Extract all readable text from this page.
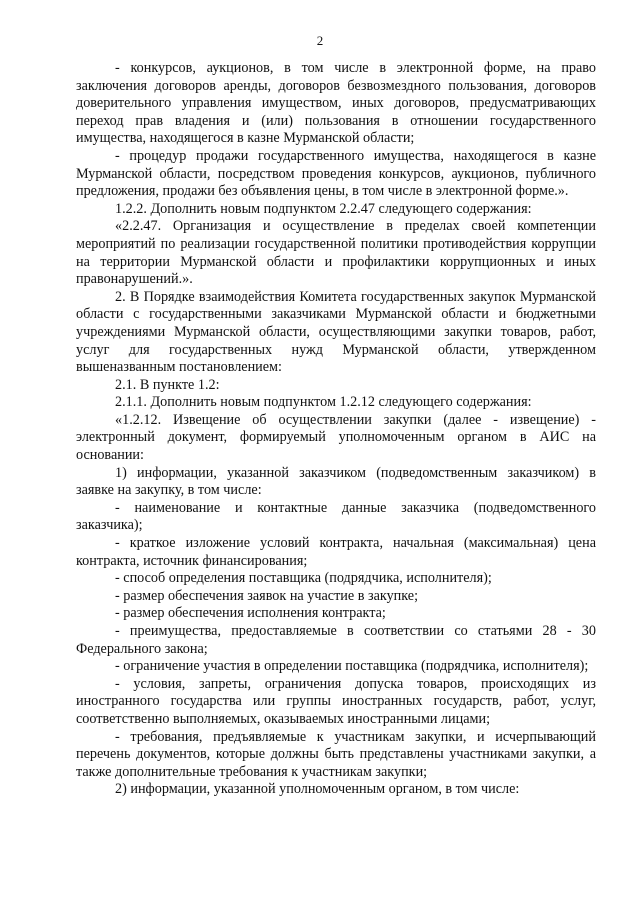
2

- конкурсов, аукционов, в том числе в электронной форме, на право заключения договоров аренды, договоров безвозмездного пользования, договоров доверительного управления имуществом, иных договоров, предусматривающих переход прав владения и (или) пользования в отношении государственного имущества, находящегося в казне Мурманской области;

- процедур продажи государственного имущества, находящегося в казне Мурманской области, посредством проведения конкурсов, аукционов, публичного предложения, продажи без объявления цены, в том числе в электронной форме.».

1.2.2. Дополнить новым подпунктом 2.2.47 следующего содержания:

«2.2.47. Организация и осуществление в пределах своей компетенции мероприятий по реализации государственной политики противодействия коррупции на территории Мурманской области и профилактики коррупционных и иных правонарушений.».

2. В Порядке взаимодействия Комитета государственных закупок Мурманской области с государственными заказчиками Мурманской области и бюджетными учреждениями Мурманской области, осуществляющими закупки товаров, работ, услуг для государственных нужд Мурманской области, утвержденном вышеназванным постановлением:

2.1. В пункте 1.2:

2.1.1. Дополнить новым подпунктом 1.2.12 следующего содержания:

«1.2.12. Извещение об осуществлении закупки (далее - извещение) - электронный документ, формируемый уполномоченным органом в АИС на основании:

1) информации, указанной заказчиком (подведомственным заказчиком) в заявке на закупку, в том числе:

- наименование и контактные данные заказчика (подведомственного заказчика);

- краткое изложение условий контракта, начальная (максимальная) цена контракта, источник финансирования;

- способ определения поставщика (подрядчика, исполнителя);

- размер обеспечения заявок на участие в закупке;

- размер обеспечения исполнения контракта;

- преимущества, предоставляемые в соответствии со статьями 28 - 30 Федерального закона;

- ограничение участия в определении поставщика (подрядчика, исполнителя);

- условия, запреты, ограничения допуска товаров, происходящих из иностранного государства или группы иностранных государств, работ, услуг, соответственно выполняемых, оказываемых иностранными лицами;

- требования, предъявляемые к участникам закупки, и исчерпывающий перечень документов, которые должны быть представлены участниками закупки, а также дополнительные требования к участникам закупки;

2) информации, указанной уполномоченным органом, в том числе:
